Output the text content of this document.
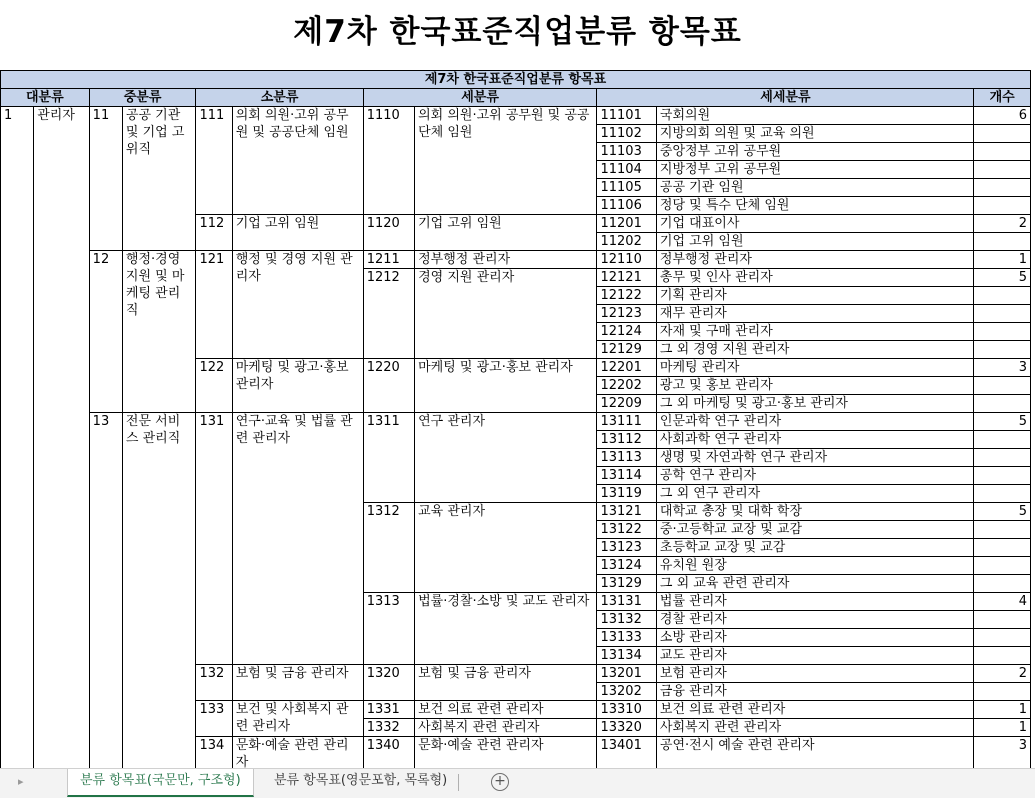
제7차 한국표준직업분류 항목표
제7차 한국표준직업분류 항목표										
대분류		중분류		소분류		세분류		세세분류		개수
1	관리자	11	공공 기관 및 기업 고위직	111	의회 의원·고위 공무원 및 공공단체 임원	1110	의회 의원·고위 공무원 및 공공단체 임원	11101	국회의원	6
								11102	지방의회 의원 및 교육 의원	
								11103	중앙정부 고위 공무원	
								11104	지방정부 고위 공무원	
								11105	공공 기관 임원	
								11106	정당 및 특수 단체 임원	
				112	기업 고위 임원	1120	기업 고위 임원	11201	기업 대표이사	2
								11202	기업 고위 임원	
		12	행정·경영 지원 및 마케팅 관리직	121	행정 및 경영 지원 관리자	1211	정부행정 관리자	12110	정부행정 관리자	1
						1212	경영 지원 관리자	12121	총무 및 인사 관리자	5
								12122	기획 관리자	
								12123	재무 관리자	
								12124	자재 및 구매 관리자	
								12129	그 외 경영 지원 관리자	
				122	마케팅 및 광고·홍보 관리자	1220	마케팅 및 광고·홍보 관리자	12201	마케팅 관리자	3
								12202	광고 및 홍보 관리자	
								12209	그 외 마케팅 및 광고·홍보 관리자	
		13	전문 서비스 관리직	131	연구·교육 및 법률 관련 관리자	1311	연구 관리자	13111	인문과학 연구 관리자	5
								13112	사회과학 연구 관리자	
								13113	생명 및 자연과학 연구 관리자	
								13114	공학 연구 관리자	
								13119	그 외 연구 관리자	
						1312	교육 관리자	13121	대학교 총장 및 대학 학장	5
								13122	중·고등학교 교장 및 교감	
								13123	초등학교 교장 및 교감	
								13124	유치원 원장	
								13129	그 외 교육 관련 관리자	
						1313	법률·경찰·소방 및 교도 관리자	13131	법률 관리자	4
								13132	경찰 관리자	
								13133	소방 관리자	
								13134	교도 관리자	
				132	보험 및 금융 관리자	1320	보험 및 금융 관리자	13201	보험 관리자	2
								13202	금융 관리자	
				133	보건 및 사회복지 관련 관리자	1331	보건 의료 관련 관리자	13310	보건 의료 관련 관리자	1
						1332	사회복지 관련 관리자	13320	사회복지 관련 관리자	1
				134	문화·예술 관련 관리자	1340	문화·예술 관련 관리자	13401	공연·전시 예술 관련 관리자	3
▸	분류 항목표(국문만, 구조형)	분류 항목표(영문포함, 목록형)	+
